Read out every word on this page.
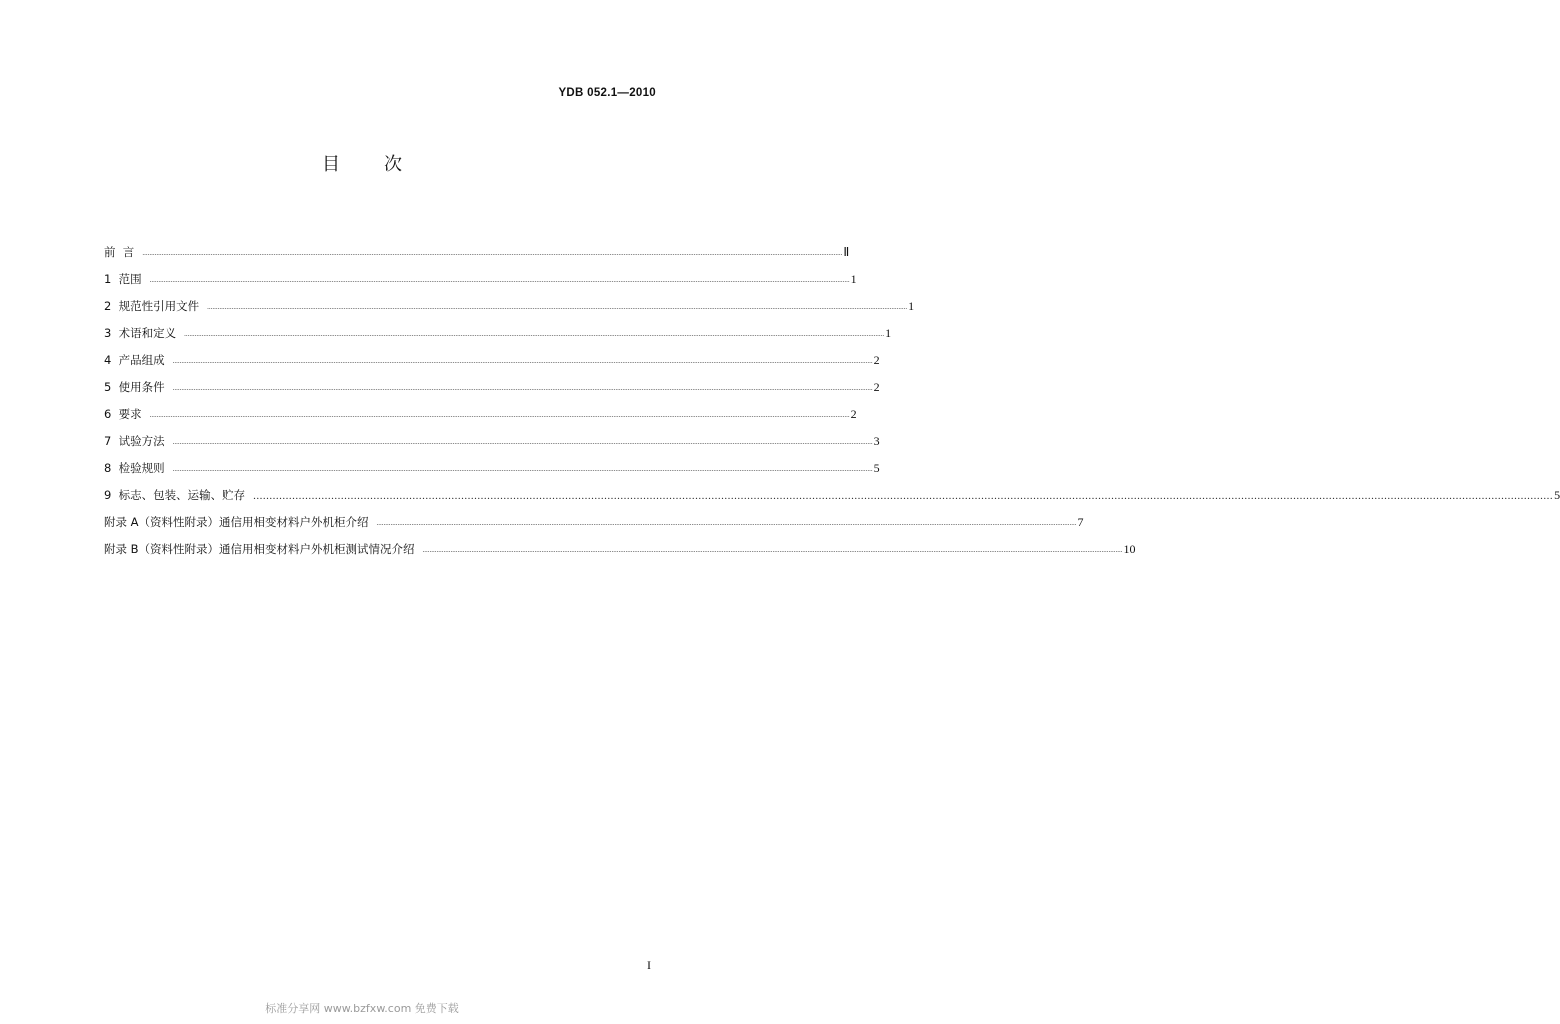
YDB 052.1—2010
目 次
前  言	................................................................................................................................................................................................................................................................................................................................................................................................................ Ⅱ
1  范围	................................................................................................................................................................................................................................................................................................................................................................................................................ 1
2  规范性引用文件	................................................................................................................................................................................................................................................................................................................................................................................................................ 1
3  术语和定义	................................................................................................................................................................................................................................................................................................................................................................................................................ 1
4  产品组成	................................................................................................................................................................................................................................................................................................................................................................................................................ 2
5  使用条件	................................................................................................................................................................................................................................................................................................................................................................................................................ 2
6  要求	................................................................................................................................................................................................................................................................................................................................................................................................................ 2
7  试验方法	................................................................................................................................................................................................................................................................................................................................................................................................................ 3
8  检验规则	................................................................................................................................................................................................................................................................................................................................................................................................................ 5
9  标志、包装、运输、贮存 ................................................................................................................................................................................................................................................................................................................................................................................................................ 5
附录 A（资料性附录）通信用相变材料户外机柜介绍	................................................................................................................................................................................................................................................................................................................................................................................................................ 7
附录 B（资料性附录）通信用相变材料户外机柜测试情况介绍	................................................................................................................................................................................................................................................................................................................................................................................................................ 10
I
标准分享网 www.bzfxw.com 免费下载
